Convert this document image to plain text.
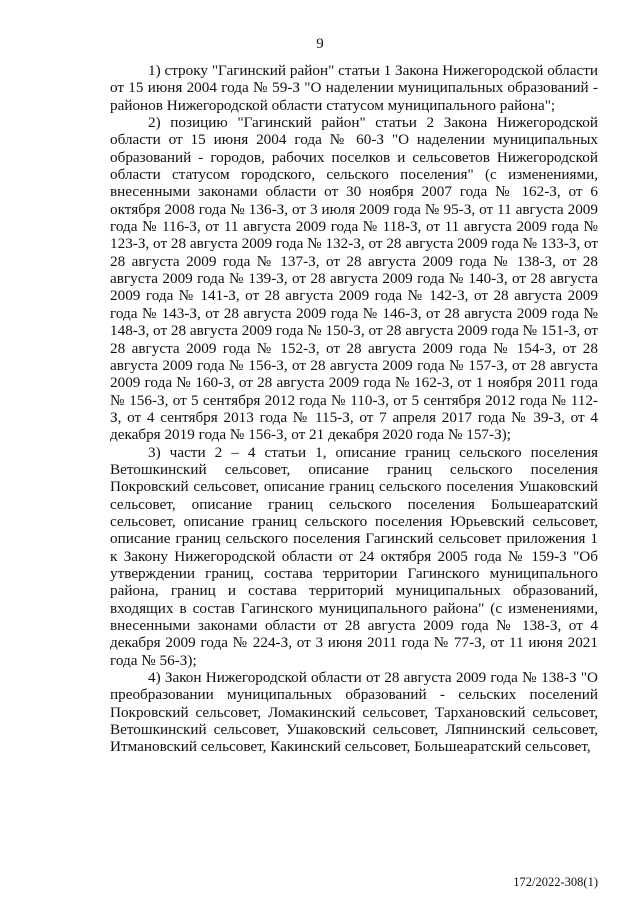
9

1) строку "Гагинский район" статьи 1 Закона Нижегородской области от 15 июня 2004 года № 59-З "О наделении муниципальных образований - районов Нижегородской области статусом муниципального района";

2) позицию "Гагинский район" статьи 2 Закона Нижегородской области от 15 июня 2004 года № 60-З "О наделении муниципальных образований - городов, рабочих поселков и сельсоветов Нижегородской области статусом городского, сельского поселения" (с изменениями, внесенными законами области от 30 ноября 2007 года № 162-З, от 6 октября 2008 года № 136-З, от 3 июля 2009 года № 95-З, от 11 августа 2009 года № 116-З, от 11 августа 2009 года № 118-З, от 11 августа 2009 года № 123-З, от 28 августа 2009 года № 132-З, от 28 августа 2009 года № 133-З, от 28 августа 2009 года № 137-З, от 28 августа 2009 года № 138-З, от 28 августа 2009 года № 139-З, от 28 августа 2009 года № 140-З, от 28 августа 2009 года № 141-З, от 28 августа 2009 года № 142-З, от 28 августа 2009 года № 143-З, от 28 августа 2009 года № 146-З, от 28 августа 2009 года № 148-З, от 28 августа 2009 года № 150-З, от 28 августа 2009 года № 151-З, от 28 августа 2009 года № 152-З, от 28 августа 2009 года № 154-З, от 28 августа 2009 года № 156-З, от 28 августа 2009 года № 157-З, от 28 августа 2009 года № 160-З, от 28 августа 2009 года № 162-З, от 1 ноября 2011 года № 156-З, от 5 сентября 2012 года № 110-З, от 5 сентября 2012 года № 112-З, от 4 сентября 2013 года № 115-З, от 7 апреля 2017 года № 39-З, от 4 декабря 2019 года № 156-З, от 21 декабря 2020 года № 157-З);

3) части 2 – 4 статьи 1, описание границ сельского поселения Ветошкинский сельсовет, описание границ сельского поселения Покровский сельсовет, описание границ сельского поселения Ушаковский сельсовет, описание границ сельского поселения Большеаратский сельсовет, описание границ сельского поселения Юрьевский сельсовет, описание границ сельского поселения Гагинский сельсовет приложения 1 к Закону Нижегородской области от 24 октября 2005 года № 159-З "Об утверждении границ, состава территории Гагинского муниципального района, границ и состава территорий муниципальных образований, входящих в состав Гагинского муниципального района" (с изменениями, внесенными законами области от 28 августа 2009 года № 138-З, от 4 декабря 2009 года № 224-З, от 3 июня 2011 года № 77-З, от 11 июня 2021 года № 56-З);

4) Закон Нижегородской области от 28 августа 2009 года № 138-З "О преобразовании муниципальных образований - сельских поселений Покровский сельсовет, Ломакинский сельсовет, Тархановский сельсовет, Ветошкинский сельсовет, Ушаковский сельсовет, Ляпнинский сельсовет, Итмановский сельсовет, Какинский сельсовет, Большеаратский сельсовет,

172/2022-308(1)
